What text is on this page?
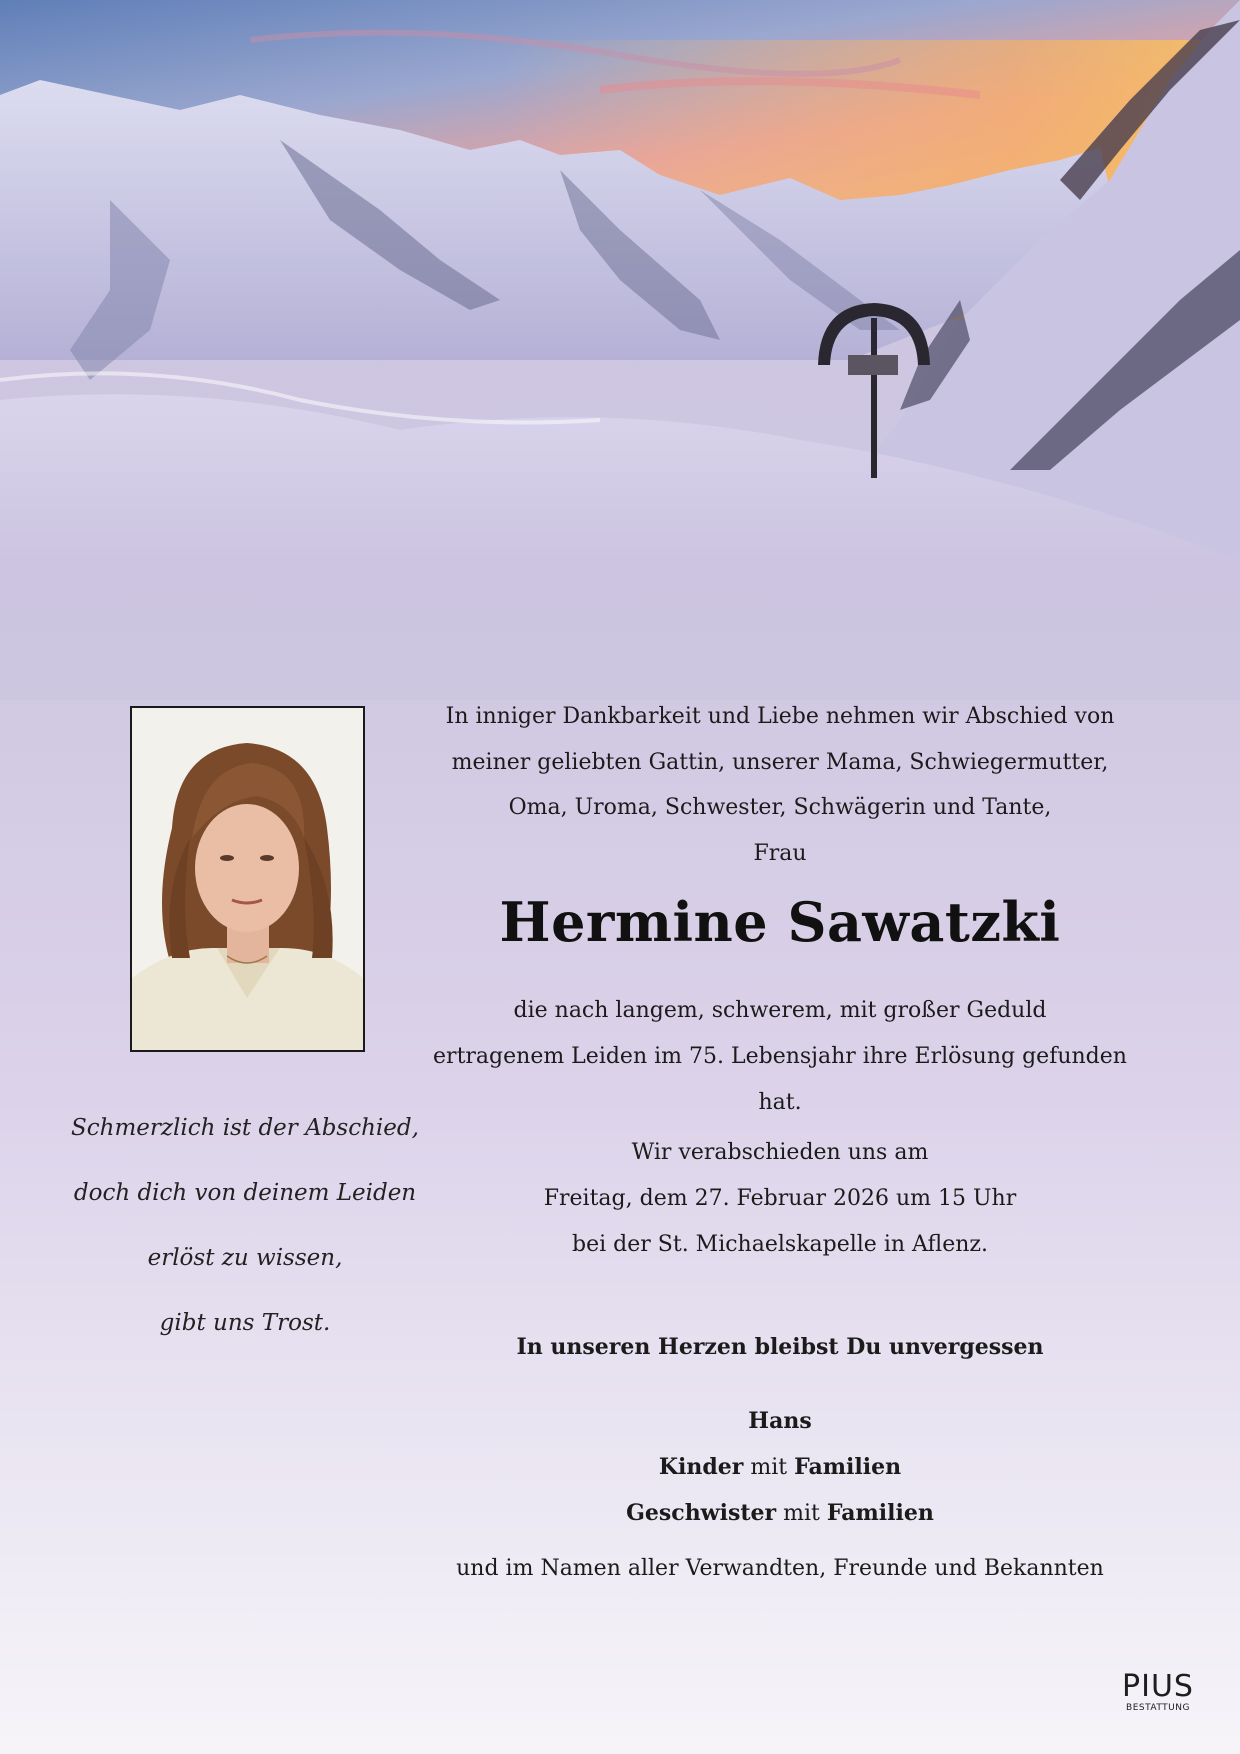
Schmerzlich ist der Abschied,
doch dich von deinem Leiden
erlöst zu wissen,
gibt uns Trost.
In inniger Dankbarkeit und Liebe nehmen wir Abschied von
meiner geliebten Gattin, unserer Mama, Schwiegermutter,
Oma, Uroma, Schwester, Schwägerin und Tante,
Frau
Hermine Sawatzki
die nach langem, schwerem, mit großer Geduld
ertragenem Leiden im 75. Lebensjahr ihre Erlösung gefunden hat.
Wir verabschieden uns am
Freitag, dem 27. Februar 2026 um 15 Uhr
bei der St. Michaelskapelle in Aflenz.
In unseren Herzen bleibst Du unvergessen
Hans
Kinder mit Familien
Geschwister mit Familien
und im Namen aller Verwandten, Freunde und Bekannten
PIUS
BESTATTUNG
